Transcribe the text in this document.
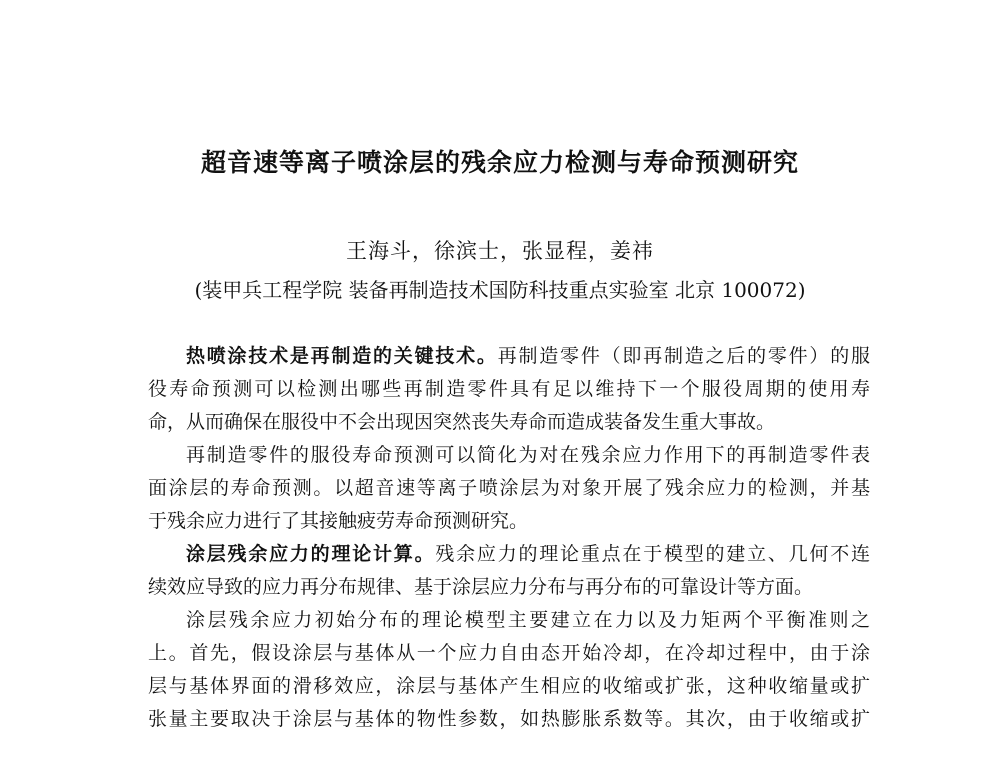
超音速等离子喷涂层的残余应力检测与寿命预测研究
王海斗，徐滨士，张显程，姜祎
(装甲兵工程学院 装备再制造技术国防科技重点实验室 北京 100072)
热喷涂技术是再制造的关键技术。再制造零件（即再制造之后的零件）的服
役寿命预测可以检测出哪些再制造零件具有足以维持下一个服役周期的使用寿
命，从而确保在服役中不会出现因突然丧失寿命而造成装备发生重大事故。
再制造零件的服役寿命预测可以简化为对在残余应力作用下的再制造零件表
面涂层的寿命预测。以超音速等离子喷涂层为对象开展了残余应力的检测，并基
于残余应力进行了其接触疲劳寿命预测研究。
涂层残余应力的理论计算。残余应力的理论重点在于模型的建立、几何不连
续效应导致的应力再分布规律、基于涂层应力分布与再分布的可靠设计等方面。
涂层残余应力初始分布的理论模型主要建立在力以及力矩两个平衡准则之
上。首先，假设涂层与基体从一个应力自由态开始冷却，在冷却过程中，由于涂
层与基体界面的滑移效应，涂层与基体产生相应的收缩或扩张，这种收缩量或扩
张量主要取决于涂层与基体的物性参数，如热膨胀系数等。其次，由于收缩或扩
